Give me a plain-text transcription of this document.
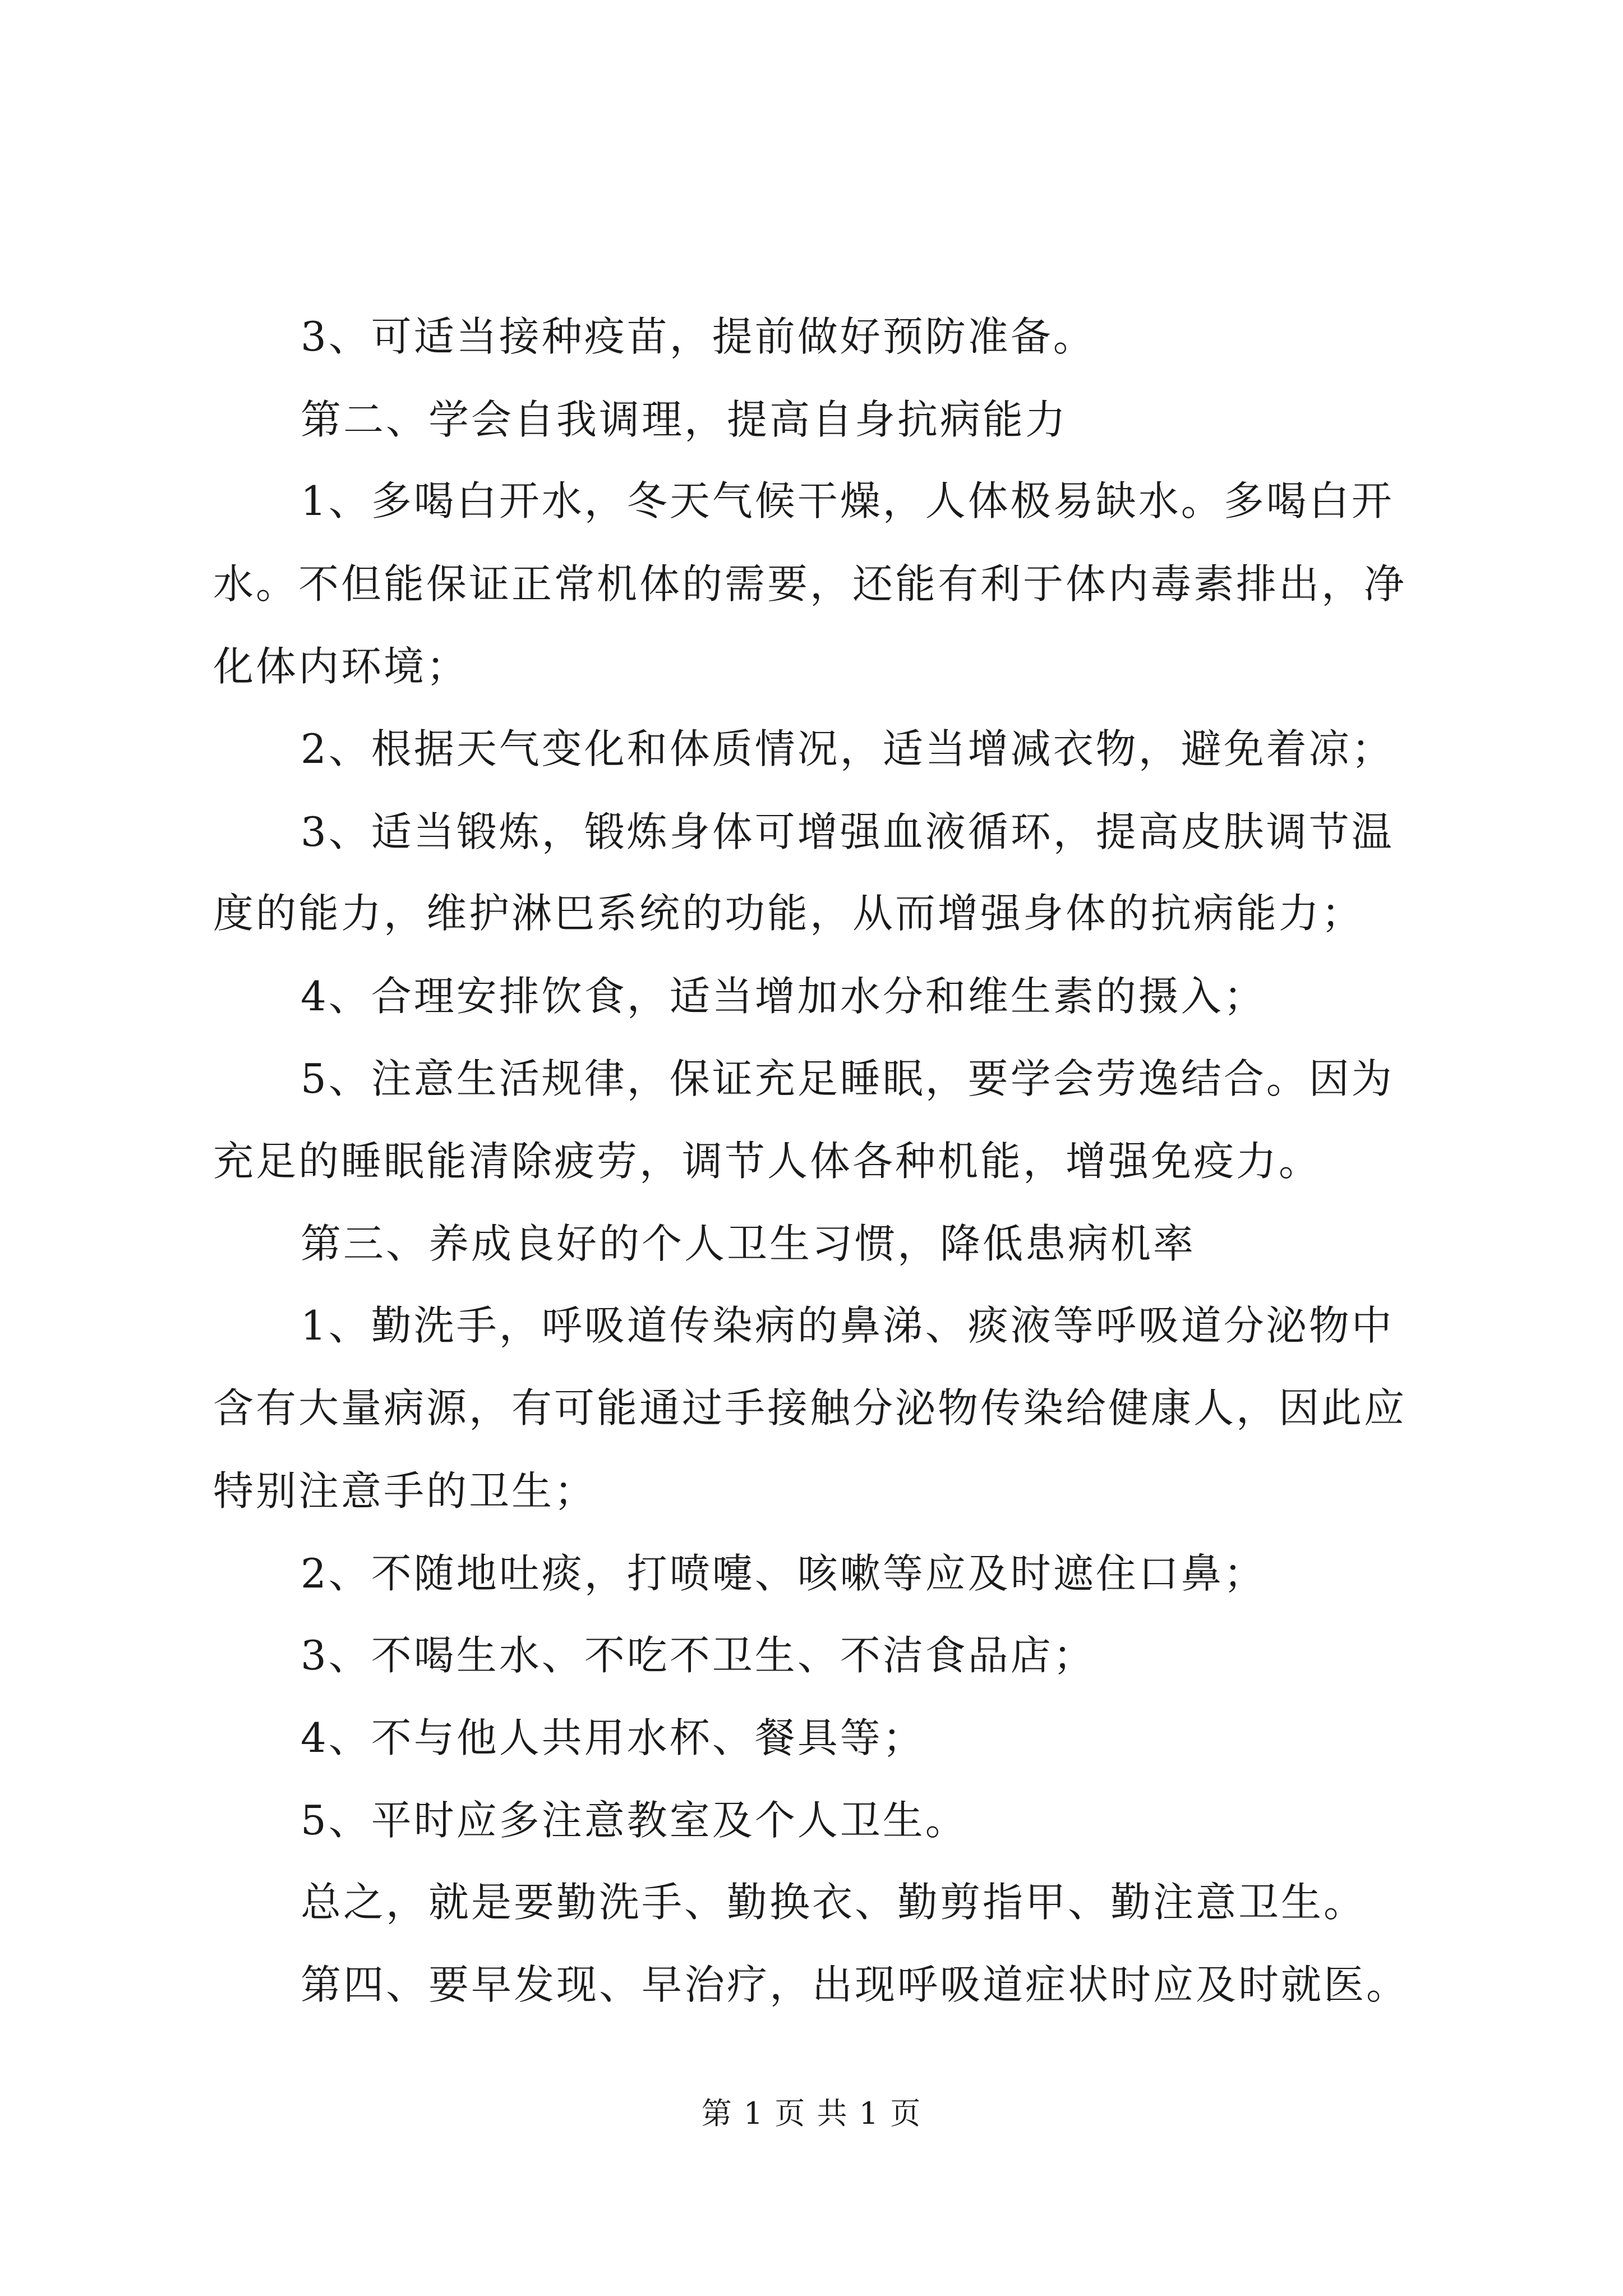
3、可适当接种疫苗，提前做好预防准备。
第二、学会自我调理，提高自身抗病能力
1、多喝白开水，冬天气候干燥，人体极易缺水。多喝白开
水。不但能保证正常机体的需要，还能有利于体内毒素排出，净
化体内环境；
2、根据天气变化和体质情况，适当增减衣物，避免着凉；
3、适当锻炼，锻炼身体可增强血液循环，提高皮肤调节温
度的能力，维护淋巴系统的功能，从而增强身体的抗病能力；
4、合理安排饮食，适当增加水分和维生素的摄入；
5、注意生活规律，保证充足睡眠，要学会劳逸结合。因为
充足的睡眠能清除疲劳，调节人体各种机能，增强免疫力。
第三、养成良好的个人卫生习惯，降低患病机率
1、勤洗手，呼吸道传染病的鼻涕、痰液等呼吸道分泌物中
含有大量病源，有可能通过手接触分泌物传染给健康人，因此应
特别注意手的卫生；
2、不随地吐痰，打喷嚏、咳嗽等应及时遮住口鼻；
3、不喝生水、不吃不卫生、不洁食品店；
4、不与他人共用水杯、餐具等；
5、平时应多注意教室及个人卫生。
总之，就是要勤洗手、勤换衣、勤剪指甲、勤注意卫生。
第四、要早发现、早治疗，出现呼吸道症状时应及时就医。
第 1 页 共 1 页
